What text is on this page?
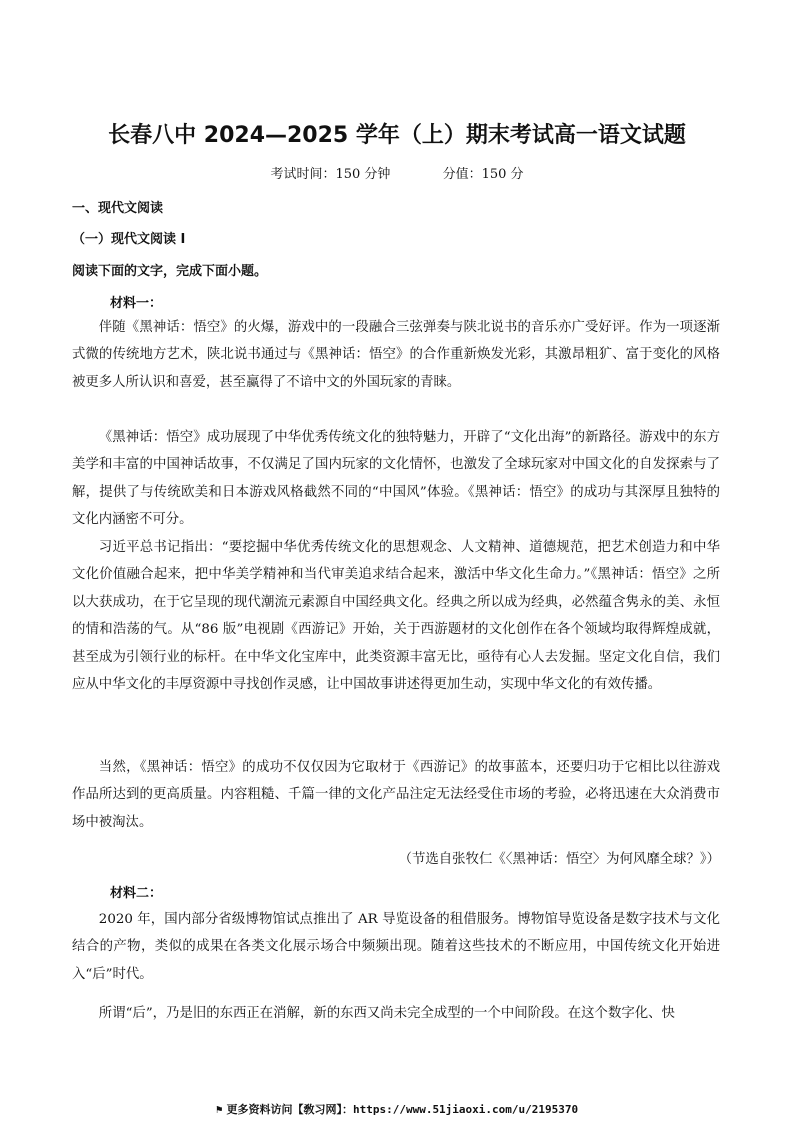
长春八中 2024—2025 学年（上）期末考试高一语文试题
考试时间：150 分钟	分值：150 分
一、现代文阅读
（一）现代文阅读 I
阅读下面的文字，完成下面小题。
材料一：

伴随《黑神话：悟空》的火爆，游戏中的一段融合三弦弹奏与陕北说书的音乐亦广受好评。作为一项逐渐式微的传统地方艺术，陕北说书通过与《黑神话：悟空》的合作重新焕发光彩，其激昂粗犷、富于变化的风格被更多人所认识和喜爱，甚至赢得了不谙中文的外国玩家的青睐。

《黑神话：悟空》成功展现了中华优秀传统文化的独特魅力，开辟了“文化出海”的新路径。游戏中的东方美学和丰富的中国神话故事，不仅满足了国内玩家的文化情怀，也激发了全球玩家对中国文化的自发探索与了解，提供了与传统欧美和日本游戏风格截然不同的“中国风”体验。《黑神话：悟空》的成功与其深厚且独特的文化内涵密不可分。

习近平总书记指出：“要挖掘中华优秀传统文化的思想观念、人文精神、道德规范，把艺术创造力和中华文化价值融合起来，把中华美学精神和当代审美追求结合起来，激活中华文化生命力。”《黑神话：悟空》之所以大获成功，在于它呈现的现代潮流元素源自中国经典文化。经典之所以成为经典，必然蕴含隽永的美、永恒的情和浩荡的气。从“86 版”电视剧《西游记》开始，关于西游题材的文化创作在各个领域均取得辉煌成就，甚至成为引领行业的标杆。在中华文化宝库中，此类资源丰富无比，亟待有心人去发掘。坚定文化自信，我们应从中华文化的丰厚资源中寻找创作灵感，让中国故事讲述得更加生动，实现中华文化的有效传播。

当然，《黑神话：悟空》的成功不仅仅因为它取材于《西游记》的故事蓝本，还要归功于它相比以往游戏作品所达到的更高质量。内容粗糙、千篇一律的文化产品注定无法经受住市场的考验，必将迅速在大众消费市场中被淘汰。

（节选自张牧仁《〈黑神话：悟空〉为何风靡全球？》）
材料二：

2020 年，国内部分省级博物馆试点推出了 AR 导览设备的租借服务。博物馆导览设备是数字技术与文化结合的产物，类似的成果在各类文化展示场合中频频出现。随着这些技术的不断应用，中国传统文化开始进入“后”时代。

所谓“后”，乃是旧的东西正在消解，新的东西又尚未完全成型的一个中间阶段。在这个数字化、快

⚑ 更多资料访问【敎习网】：https://www.51jiaoxi.com/u/2195370
